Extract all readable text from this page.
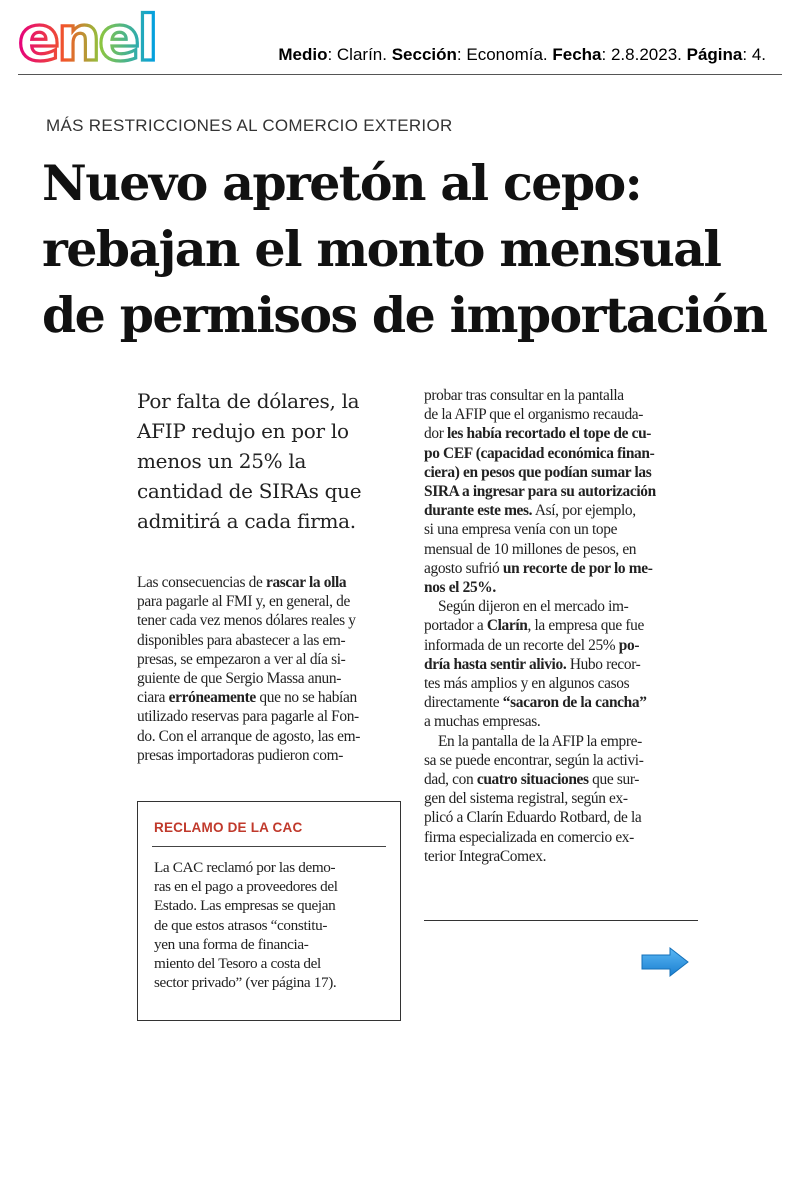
enel	Medio: Clarín. Sección: Economía. Fecha: 2.8.2023. Página: 4.
MÁS RESTRICCIONES AL COMERCIO EXTERIOR
Nuevo apretón al cepo:
rebajan el monto mensual
de permisos de importación
Por falta de dólares, la
AFIP redujo en por lo
menos un 25% la
cantidad de SIRAs que
admitirá a cada firma.
Las consecuencias de rascar la olla
para pagarle al FMI y, en general, de
tener cada vez menos dólares reales y
disponibles para abastecer a las em-
presas, se empezaron a ver al día si-
guiente de que Sergio Massa anun-
ciara erróneamente que no se habían
utilizado reservas para pagarle al Fon-
do. Con el arranque de agosto, las em-
presas importadoras pudieron com-
probar tras consultar en la pantalla
de la AFIP que el organismo recauda-
dor les había recortado el tope de cu-
po CEF (capacidad económica finan-
ciera) en pesos que podían sumar las
SIRA a ingresar para su autorización
durante este mes. Así, por ejemplo,
si una empresa venía con un tope
mensual de 10 millones de pesos, en
agosto sufrió un recorte de por lo me-
nos el 25%.
Según dijeron en el mercado im-
portador a Clarín, la empresa que fue
informada de un recorte del 25% po-
dría hasta sentir alivio. Hubo recor-
tes más amplios y en algunos casos
directamente “sacaron de la cancha”
a muchas empresas.
En la pantalla de la AFIP la empre-
sa se puede encontrar, según la activi-
dad, con cuatro situaciones que sur-
gen del sistema registral, según ex-
plicó a Clarín Eduardo Rotbard, de la
firma especializada en comercio ex-
terior IntegraComex.
RECLAMO DE LA CAC
La CAC reclamó por las demo-
ras en el pago a proveedores del
Estado. Las empresas se quejan
de que estos atrasos “constitu-
yen una forma de financia-
miento del Tesoro a costa del
sector privado” (ver página 17).
